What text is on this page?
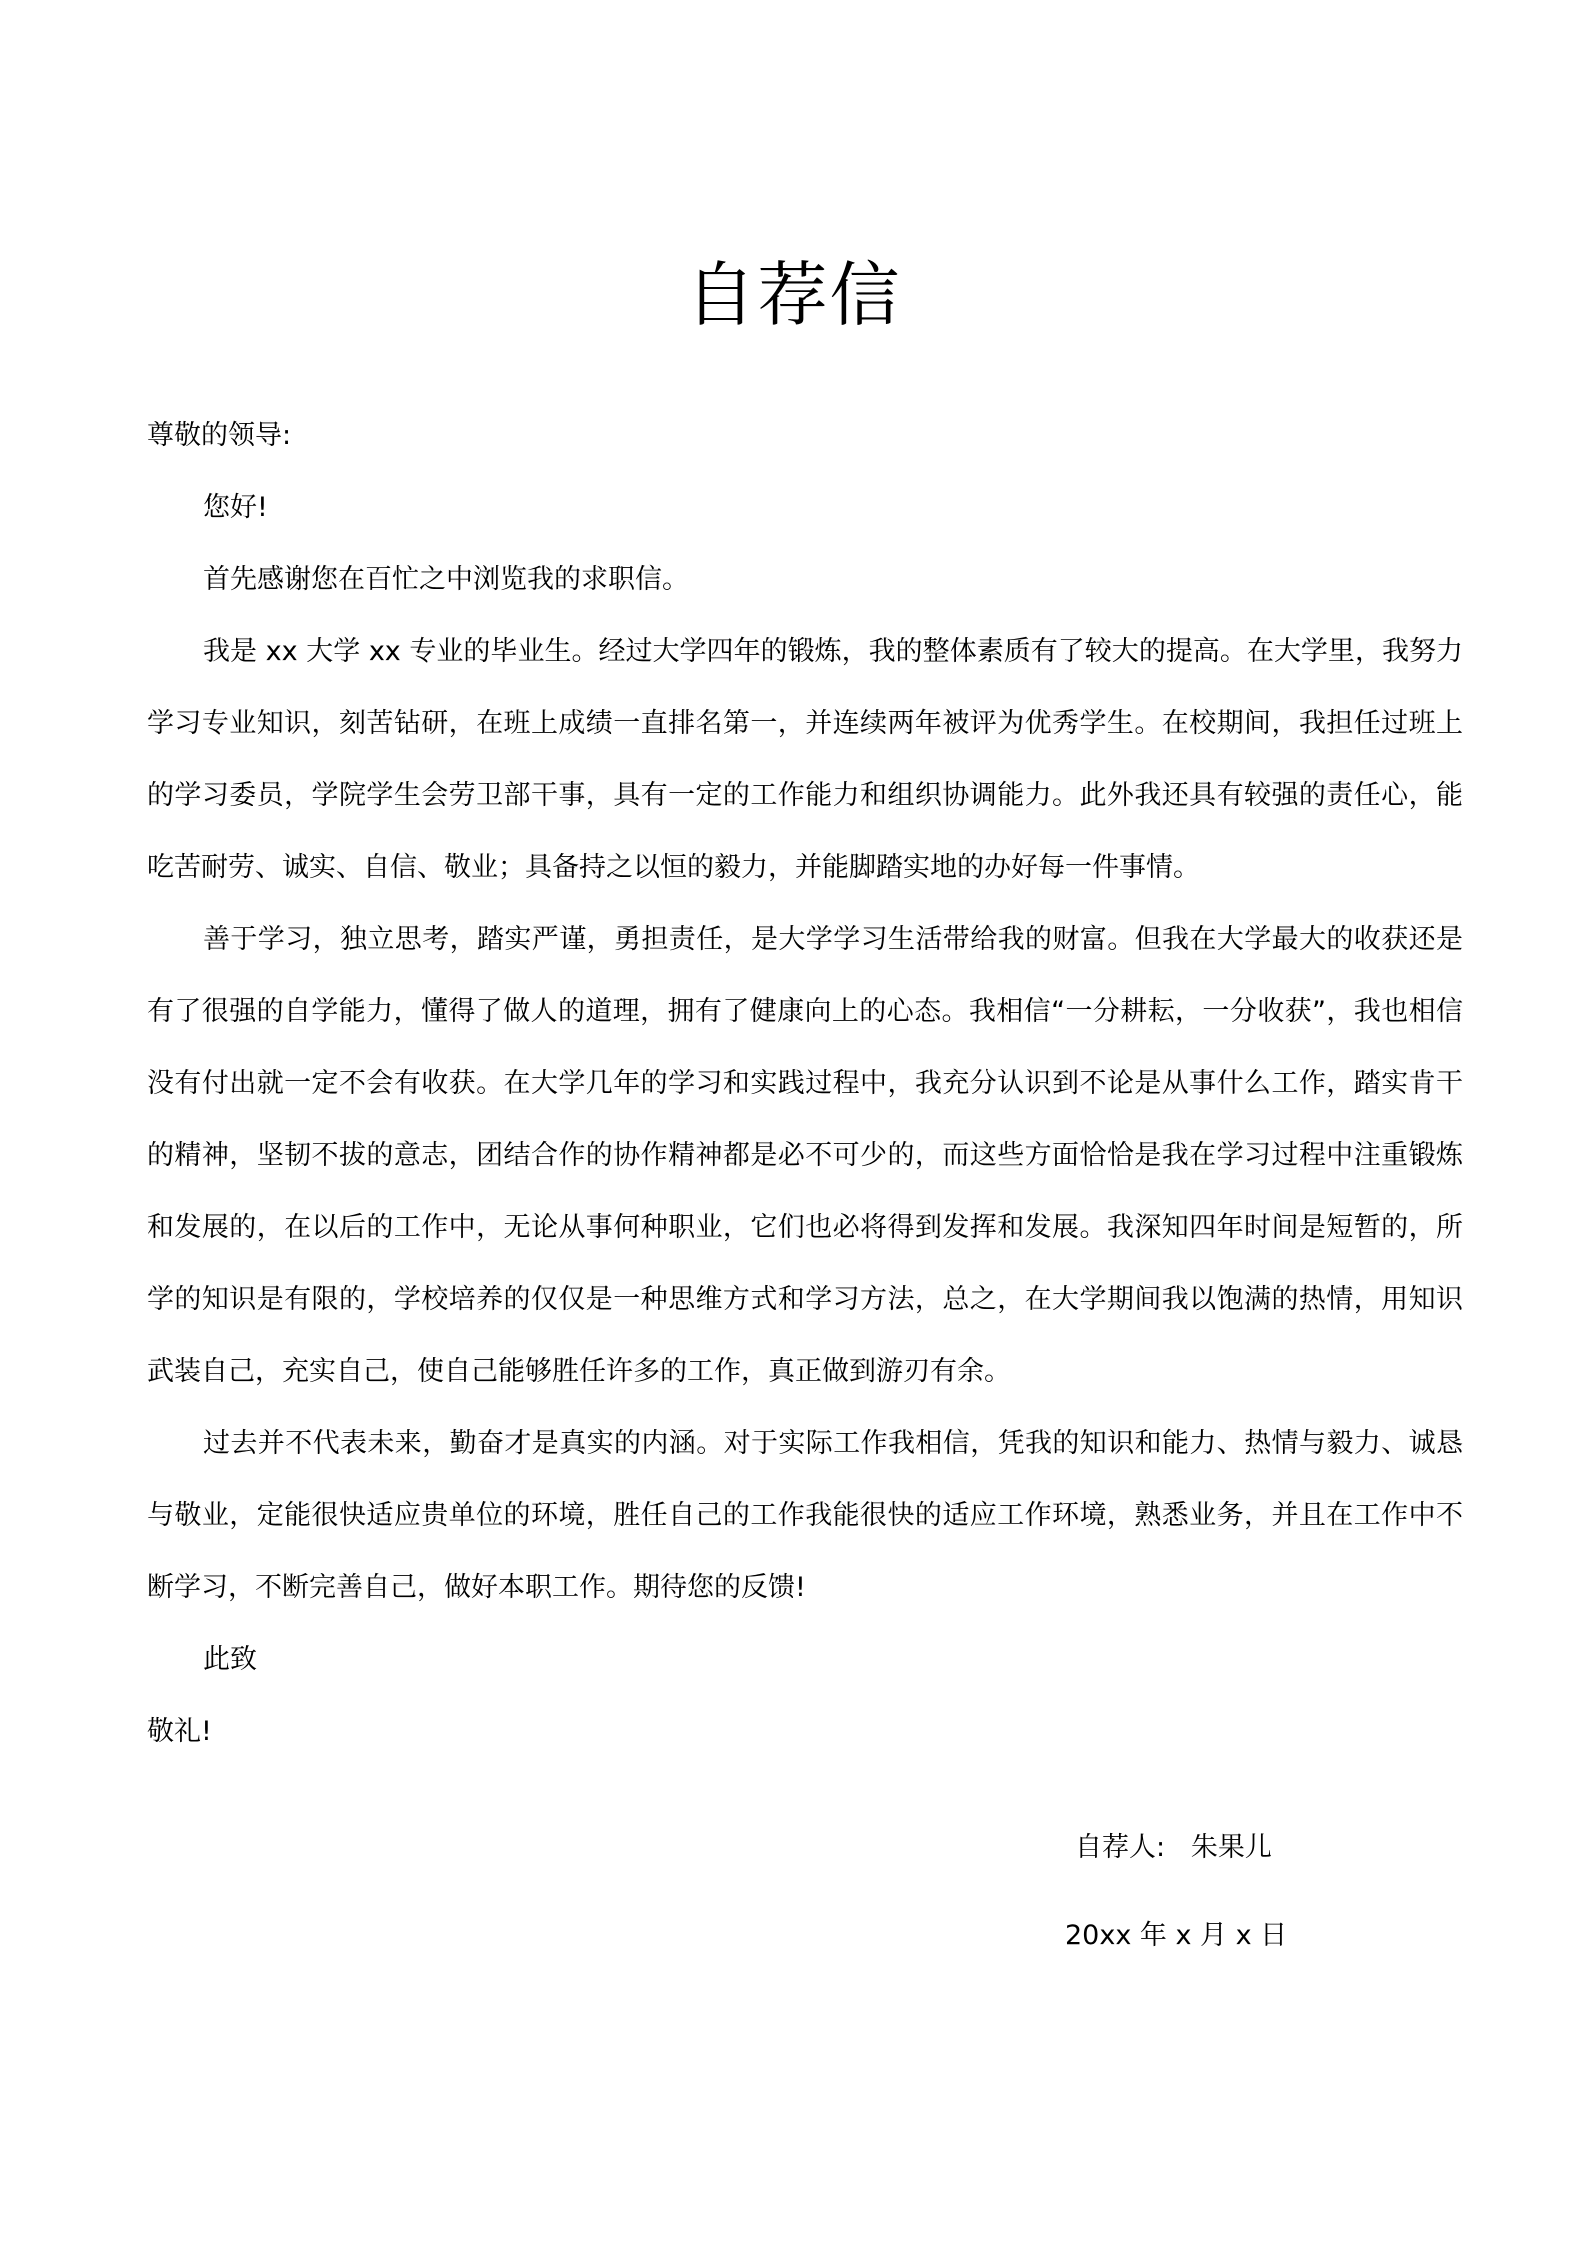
自荐信

尊敬的领导:

您好!

首先感谢您在百忙之中浏览我的求职信。

我是 xx 大学 xx 专业的毕业生。经过大学四年的锻炼，我的整体素质有了较大的提高。在大学里，我努力学习专业知识，刻苦钻研，在班上成绩一直排名第一，并连续两年被评为优秀学生。在校期间，我担任过班上的学习委员，学院学生会劳卫部干事，具有一定的工作能力和组织协调能力。此外我还具有较强的责任心，能吃苦耐劳、诚实、自信、敬业；具备持之以恒的毅力，并能脚踏实地的办好每一件事情。

善于学习，独立思考，踏实严谨，勇担责任，是大学学习生活带给我的财富。但我在大学最大的收获还是有了很强的自学能力，懂得了做人的道理，拥有了健康向上的心态。我相信“一分耕耘，一分收获”，我也相信没有付出就一定不会有收获。在大学几年的学习和实践过程中，我充分认识到不论是从事什么工作，踏实肯干的精神，坚韧不拔的意志，团结合作的协作精神都是必不可少的，而这些方面恰恰是我在学习过程中注重锻炼和发展的，在以后的工作中，无论从事何种职业，它们也必将得到发挥和发展。我深知四年时间是短暂的，所学的知识是有限的，学校培养的仅仅是一种思维方式和学习方法，总之，在大学期间我以饱满的热情，用知识武装自己，充实自己，使自己能够胜任许多的工作，真正做到游刃有余。

过去并不代表未来，勤奋才是真实的内涵。对于实际工作我相信，凭我的知识和能力、热情与毅力、诚恳与敬业，定能很快适应贵单位的环境，胜任自己的工作我能很快的适应工作环境，熟悉业务，并且在工作中不断学习，不断完善自己，做好本职工作。期待您的反馈!

此致

敬礼!

自荐人: 朱果儿
20xx 年 x 月 x 日
